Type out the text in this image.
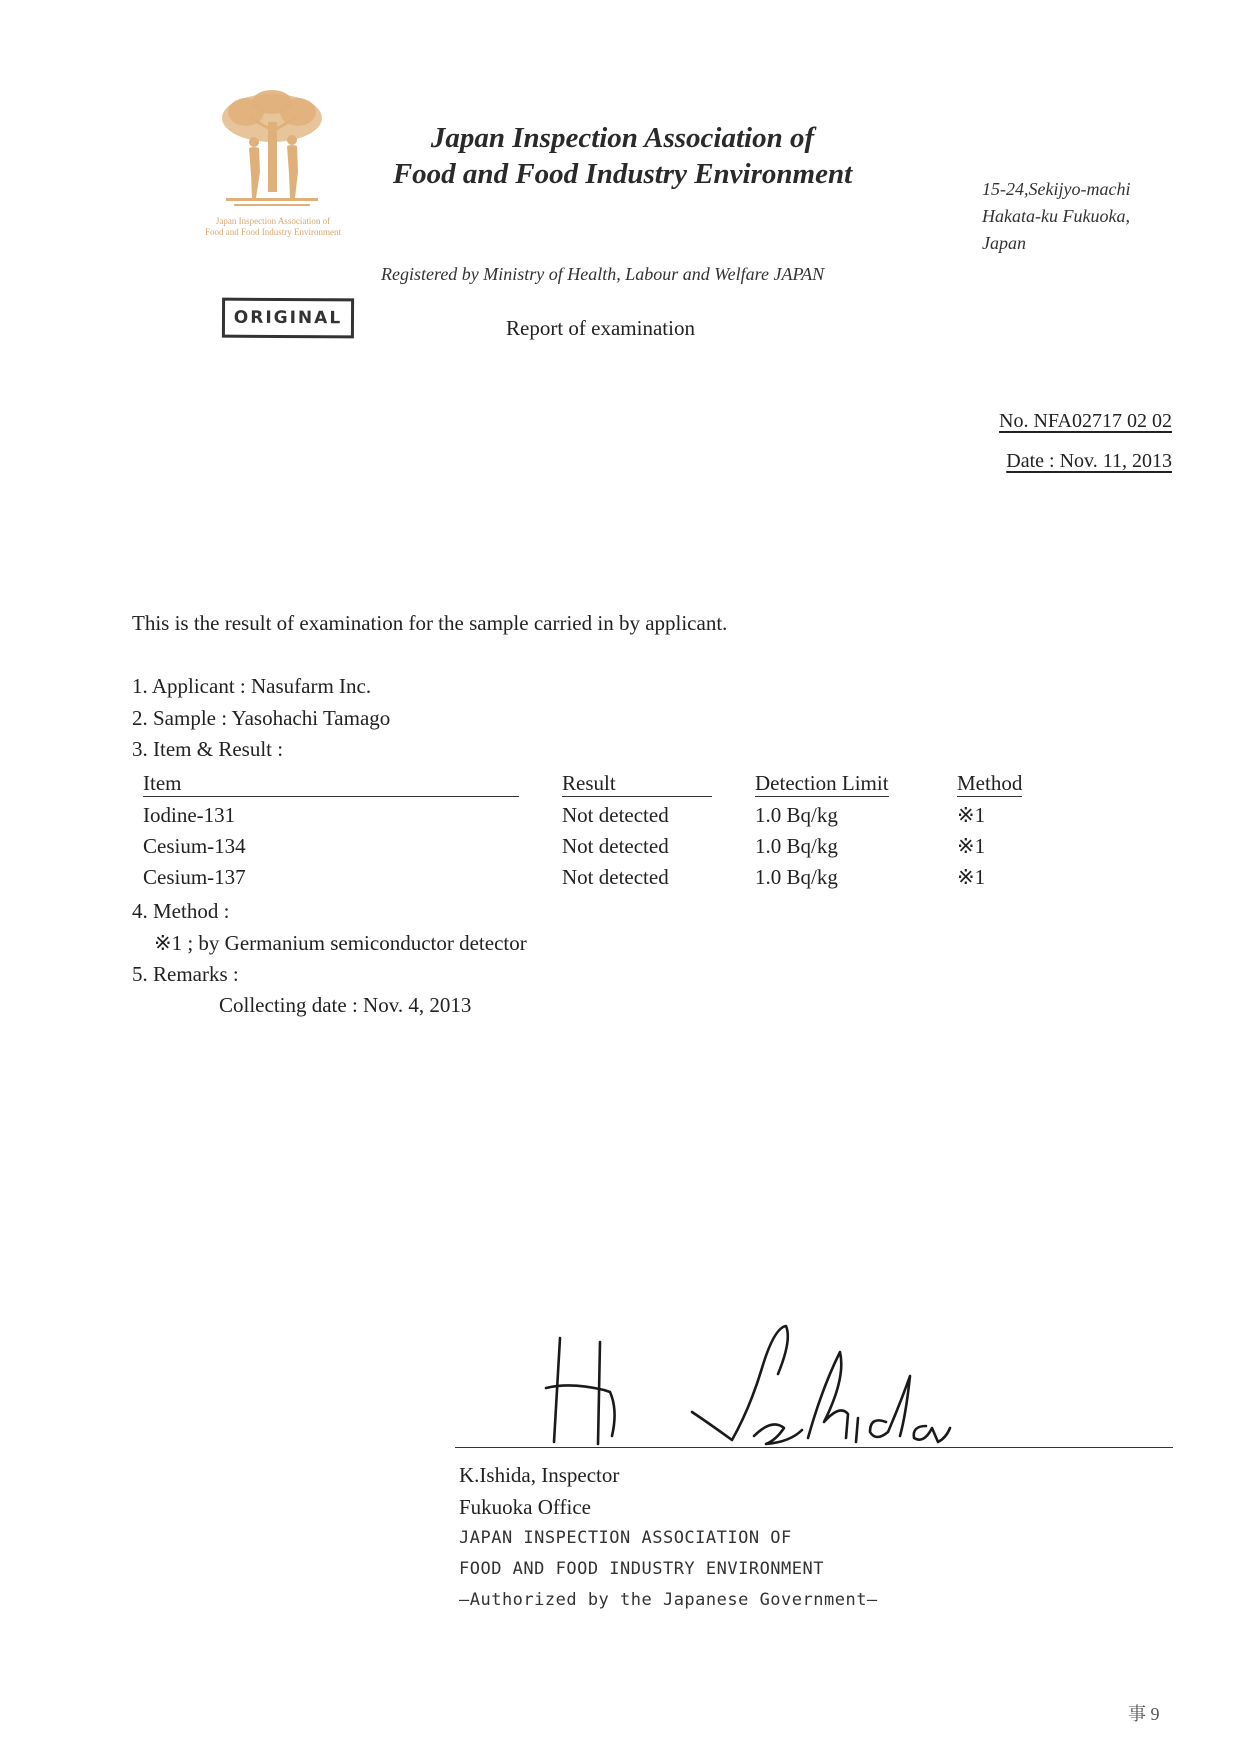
Japan Inspection Association of
Food and Food Industry Environment
Japan Inspection Association of
Food and Food Industry Environment	15-24,Sekijyo-machi
Hakata-ku Fukuoka,
Japan
Registered by Ministry of Health, Labour and Welfare JAPAN
ORIGINAL	Report of examination
No. NFA02717 02 02
Date : Nov. 11, 2013
This is the result of examination for the sample carried in by applicant.
1. Applicant : Nasufarm Inc.
2. Sample : Yasohachi Tamago
3. Item & Result :
Item	Result	Detection Limit	Method
Iodine-131	Not detected	1.0 Bq/kg	※1
Cesium-134	Not detected	1.0 Bq/kg	※1
Cesium-137	Not detected	1.0 Bq/kg	※1
4. Method :
※1 ; by Germanium semiconductor detector
5. Remarks :
Collecting date : Nov. 4, 2013
K.Ishida, Inspector
Fukuoka Office
JAPAN INSPECTION ASSOCIATION OF
FOOD AND FOOD INDUSTRY ENVIRONMENT
―Authorized by the Japanese Government―
事 9
